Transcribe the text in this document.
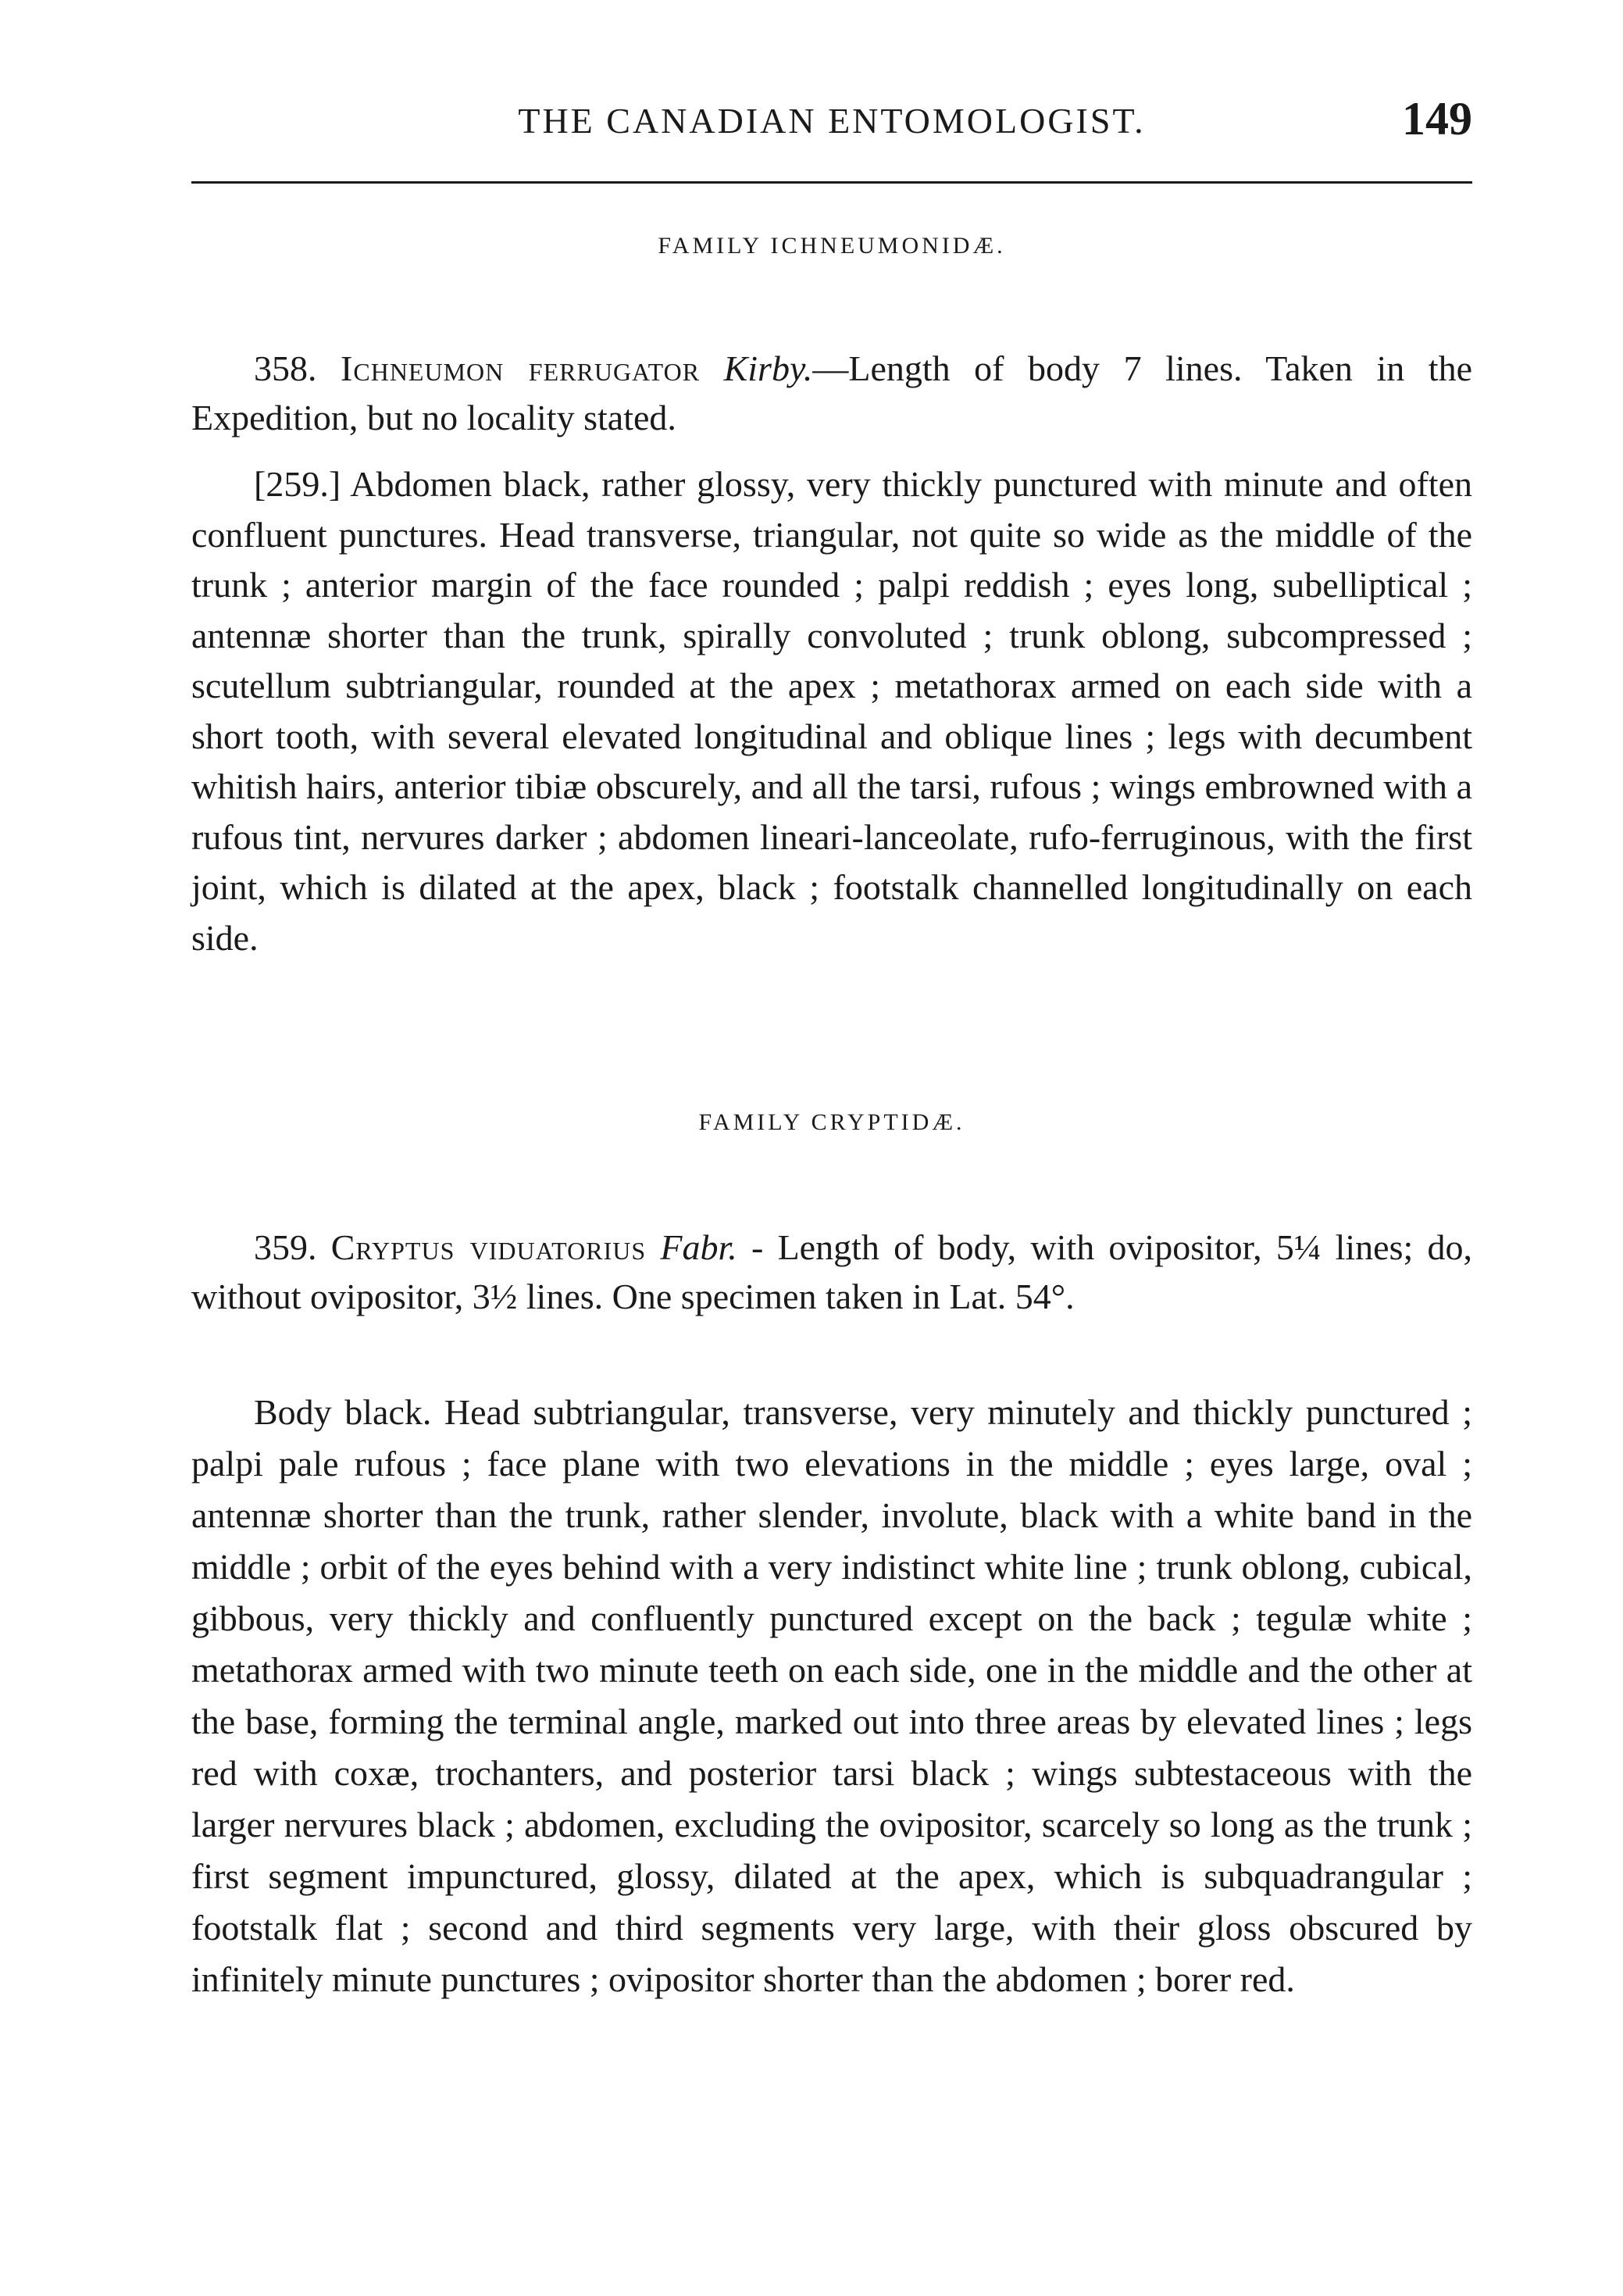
THE CANADIAN ENTOMOLOGIST.	149
FAMILY ICHNEUMONIDÆ.

358. Ichneumon ferrugator Kirby.—Length of body 7 lines. Taken in the Expedition, but no locality stated.

[259.] Abdomen black, rather glossy, very thickly punctured with minute and often confluent punctures. Head transverse, triangular, not quite so wide as the middle of the trunk ; anterior margin of the face rounded ; palpi reddish ; eyes long, subelliptical ; antennæ shorter than the trunk, spirally convoluted ; trunk oblong, subcompressed ; scutellum subtriangular, rounded at the apex ; metathorax armed on each side with a short tooth, with several elevated longitudinal and oblique lines ; legs with decumbent whitish hairs, anterior tibiæ obscurely, and all the tarsi, rufous ; wings embrowned with a rufous tint, nervures darker ; abdomen lineari-lanceolate, rufo-ferruginous, with the first joint, which is dilated at the apex, black ; footstalk channelled longitudinally on each side.

FAMILY CRYPTIDÆ.

359. Cryptus viduatorius Fabr. - Length of body, with ovipositor, 5¼ lines; do, without ovipositor, 3½ lines. One specimen taken in Lat. 54°.

Body black. Head subtriangular, transverse, very minutely and thickly punctured ; palpi pale rufous ; face plane with two elevations in the middle ; eyes large, oval ; antennæ shorter than the trunk, rather slender, involute, black with a white band in the middle ; orbit of the eyes behind with a very indistinct white line ; trunk oblong, cubical, gibbous, very thickly and confluently punctured except on the back ; tegulæ white ; metathorax armed with two minute teeth on each side, one in the middle and the other at the base, forming the terminal angle, marked out into three areas by elevated lines ; legs red with coxæ, trochanters, and posterior tarsi black ; wings subtestaceous with the larger nervures black ; abdomen, excluding the ovipositor, scarcely so long as the trunk ; first segment impunctured, glossy, dilated at the apex, which is subquadrangular ; footstalk flat ; second and third segments very large, with their gloss obscured by infinitely minute punctures ; ovipositor shorter than the abdomen ; borer red.
